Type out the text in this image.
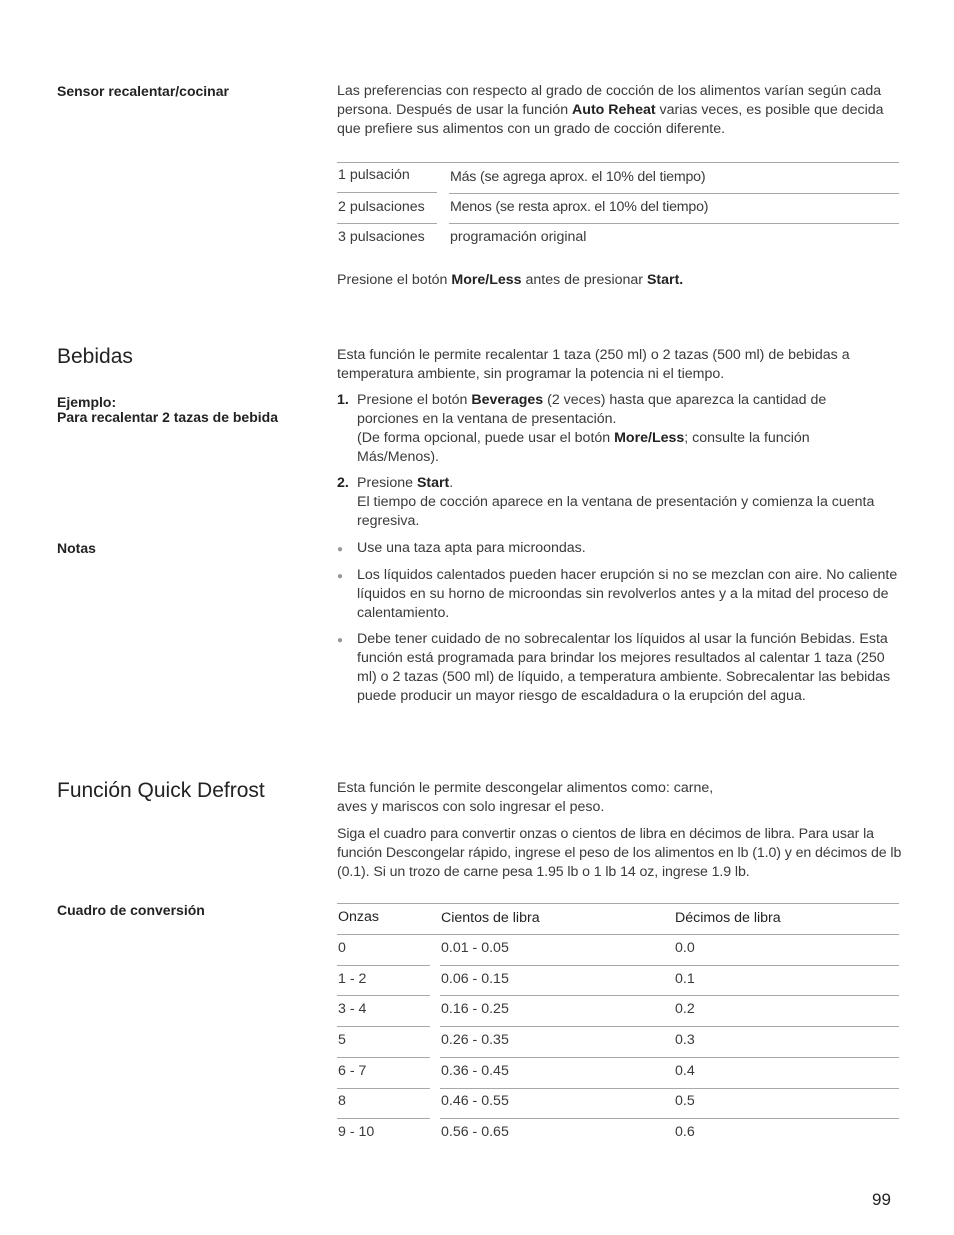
Sensor recalentar/cocinar	Las preferencias con respecto al grado de cocción de los alimentos varían según cada persona. Después de usar la función Auto Reheat varias veces, es posible que decida que prefiere sus alimentos con un grado de cocción diferente.
1 pulsación	Más (se agrega aprox. el 10% del tiempo)
2 pulsaciones Menos (se resta aprox. el 10% del tiempo)
3 pulsaciones programación original
Presione el botón More/Less antes de presionar Start.
Bebidas	Esta función le permite recalentar 1 taza (250 ml) o 2 tazas (500 ml) de bebidas a temperatura ambiente, sin programar la potencia ni el tiempo.
Ejemplo:
Para recalentar 2 tazas de bebida
1. Presione el botón Beverages (2 veces) hasta que aparezca la cantidad de porciones en la ventana de presentación.
(De forma opcional, puede usar el botón More/Less; consulte la función Más/Menos).
2. Presione Start.
El tiempo de cocción aparece en la ventana de presentación y comienza la cuenta regresiva.
Notas	● Use una taza apta para microondas.
● Los líquidos calentados pueden hacer erupción si no se mezclan con aire. No caliente líquidos en su horno de microondas sin revolverlos antes y a la mitad del proceso de calentamiento.
● Debe tener cuidado de no sobrecalentar los líquidos al usar la función Bebidas. Esta función está programada para brindar los mejores resultados al calentar 1 taza (250 ml) o 2 tazas (500 ml) de líquido, a temperatura ambiente. Sobrecalentar las bebidas puede producir un mayor riesgo de escaldadura o la erupción del agua.
Función Quick Defrost	Esta función le permite descongelar alimentos como: carne, aves y mariscos con solo ingresar el peso.
Siga el cuadro para convertir onzas o cientos de libra en décimos de libra. Para usar la función Descongelar rápido, ingrese el peso de los alimentos en lb (1.0) y en décimos de lb (0.1). Si un trozo de carne pesa 1.95 lb o 1 lb 14 oz, ingrese 1.9 lb.
Cuadro de conversión	Onzas	Cientos de libra	Décimos de libra
0	0.01 - 0.05	0.0
1 - 2	0.06 - 0.15	0.1
3 - 4	0.16 - 0.25	0.2
5	0.26 - 0.35	0.3
6 - 7	0.36 - 0.45	0.4
8	0.46 - 0.55	0.5
9 - 10	0.56 - 0.65	0.6
99
